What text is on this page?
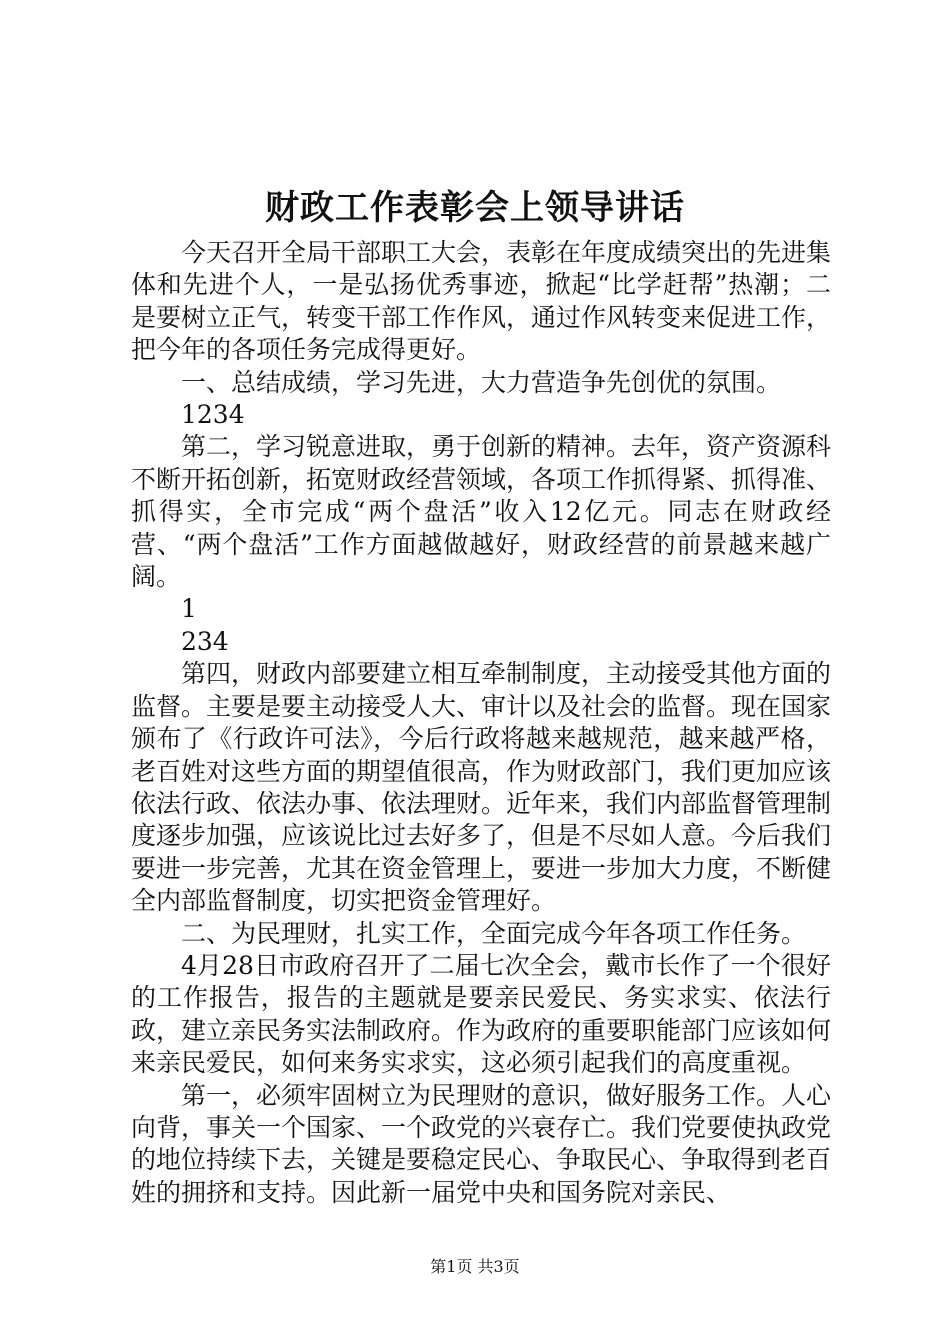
财政工作表彰会上领导讲话

今天召开全局干部职工大会，表彰在年度成绩突出的先进集体和先进个人，一是弘扬优秀事迹，掀起“比学赶帮”热潮；二是要树立正气，转变干部工作作风，通过作风转变来促进工作，把今年的各项任务完成得更好。

一、总结成绩，学习先进，大力营造争先创优的氛围。

1234

第二，学习锐意进取，勇于创新的精神。去年，资产资源科不断开拓创新，拓宽财政经营领域，各项工作抓得紧、抓得准、抓得实，全市完成“两个盘活”收入12亿元。同志在财政经营、“两个盘活”工作方面越做越好，财政经营的前景越来越广阔。

1

234

第四，财政内部要建立相互牵制制度，主动接受其他方面的监督。主要是要主动接受人大、审计以及社会的监督。现在国家颁布了《行政许可法》，今后行政将越来越规范，越来越严格，老百姓对这些方面的期望值很高，作为财政部门，我们更加应该依法行政、依法办事、依法理财。近年来，我们内部监督管理制度逐步加强，应该说比过去好多了，但是不尽如人意。今后我们要进一步完善，尤其在资金管理上，要进一步加大力度，不断健全内部监督制度，切实把资金管理好。

二、为民理财，扎实工作，全面完成今年各项工作任务。

4月28日市政府召开了二届七次全会，戴市长作了一个很好的工作报告，报告的主题就是要亲民爱民、务实求实、依法行政，建立亲民务实法制政府。作为政府的重要职能部门应该如何来亲民爱民，如何来务实求实，这必须引起我们的高度重视。

第一，必须牢固树立为民理财的意识，做好服务工作。人心向背，事关一个国家、一个政党的兴衰存亡。我们党要使执政党的地位持续下去，关键是要稳定民心、争取民心、争取得到老百姓的拥挤和支持。因此新一届党中央和国务院对亲民、

第1页 共3页
